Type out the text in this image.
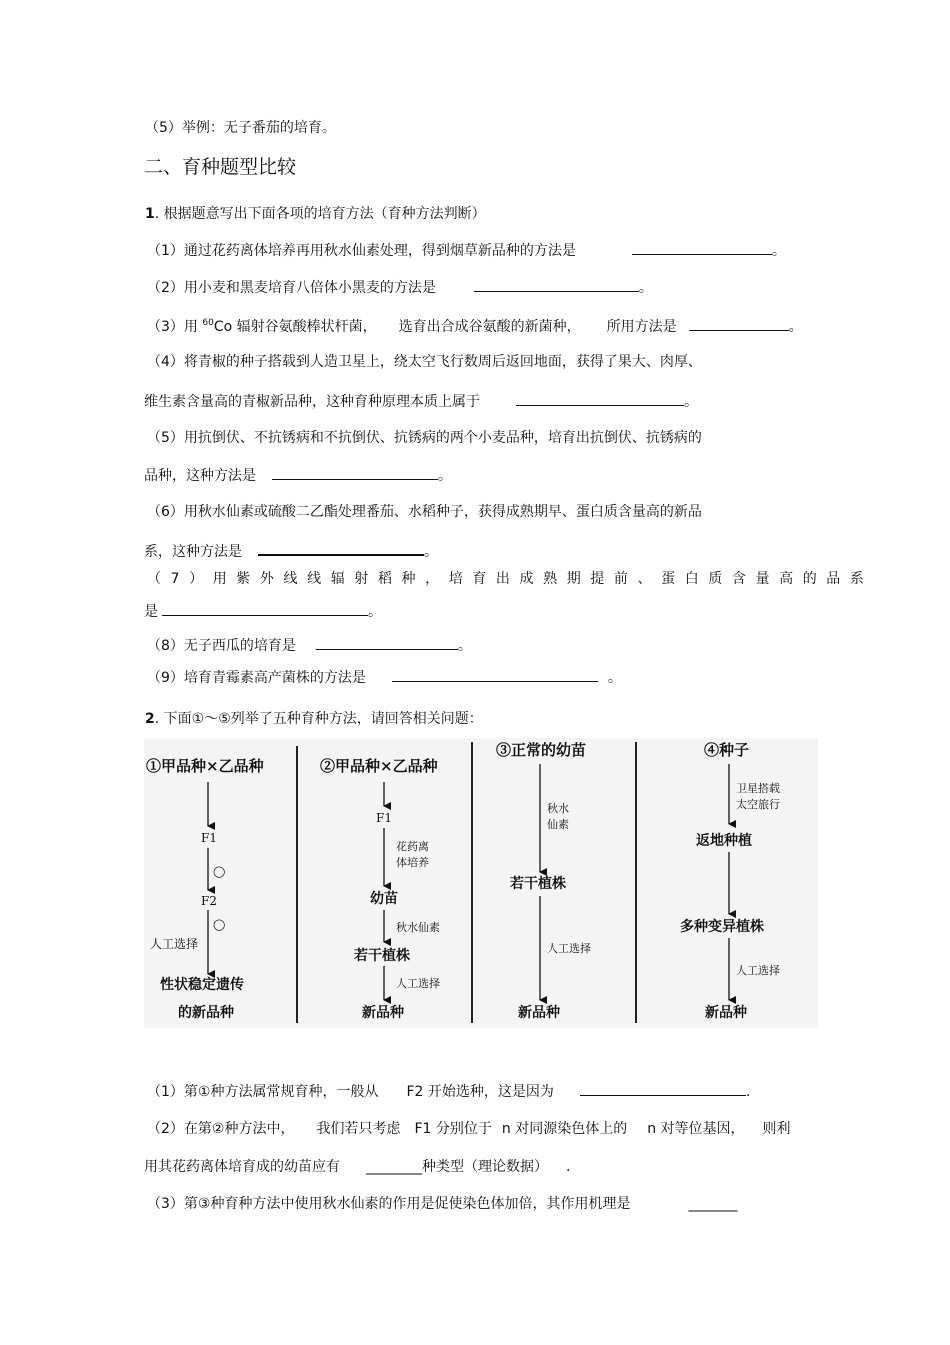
（5）举例：无子番茄的培育。
二、育种题型比较
1. 根据题意写出下面各项的培育方法（育种方法判断）
（1）通过花药离体培养再用秋水仙素处理，得到烟草新品种的方法是	。
（2）用小麦和黑麦培育八倍体小黑麦的方法是	。
（3）用 $^{60}$Co 辐射谷氨酸棒状杆菌， 选育出合成谷氨酸的新菌种， 所用方法是	。
（4）将青椒的种子搭载到人造卫星上，绕太空飞行数周后返回地面，获得了果大、肉厚、
维生素含量高的青椒新品种，这种育种原理本质上属于	。
（5）用抗倒伏、不抗锈病和不抗倒伏、抗锈病的两个小麦品种，培育出抗倒伏、抗锈病的
品种，这种方法是	。
（6）用秋水仙素或硫酸二乙酯处理番茄、水稻种子，获得成熟期早、蛋白质含量高的新品
系，这种方法是	。
（7）用紫外线线辐射稻种，培育出成熟期提前、蛋白质含量高的品系
是	。
（8）无子西瓜的培育是	。
（9）培育青霉素高产菌株的方法是	。
2. 下面①～⑤列举了五种育种方法，请回答相关问题：
①甲品种×乙品种
F1
◯
F2
◯
人工选择
性状稳定遗传
的新品种
②甲品种×乙品种
F1
花药离
体培养
幼苗
秋水仙素
若干植株
人工选择
新品种
③正常的幼苗
秋水
仙素
若干植株
人工选择
新品种
④种子
卫星搭载
太空旅行
返地种植
多种变异植株
人工选择
新品种
（1）第①种方法属常规育种，一般从 F2 开始选种，这是因为	.
（2）在第②种方法中， 我们若只考虑 F1 分别位于 n 对同源染色体上的 n 对等位基因， 则利
用其花药离体培育成的幼苗应有 ________种类型（理论数据） .
（3）第③种育种方法中使用秋水仙素的作用是促使染色体加倍，其作用机理是	_______
